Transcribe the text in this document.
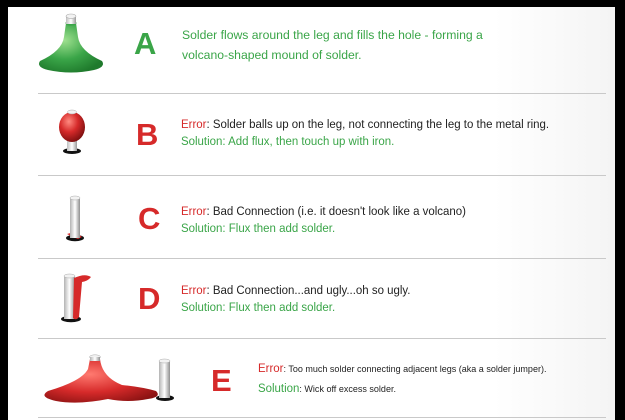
A Solder flows around the leg and fills the hole - forming a
volcano-shaped mound of solder.
B Error: Solder balls up on the leg, not connecting the leg to the metal ring.
Solution: Add flux, then touch up with iron.
C Error: Bad Connection (i.e. it doesn't look like a volcano)
Solution: Flux then add solder.
D Error: Bad Connection...and ugly...oh so ugly.
Solution: Flux then add solder.
E Error: Too much solder connecting adjacent legs (aka a solder jumper).
Solution: Wick off excess solder.
